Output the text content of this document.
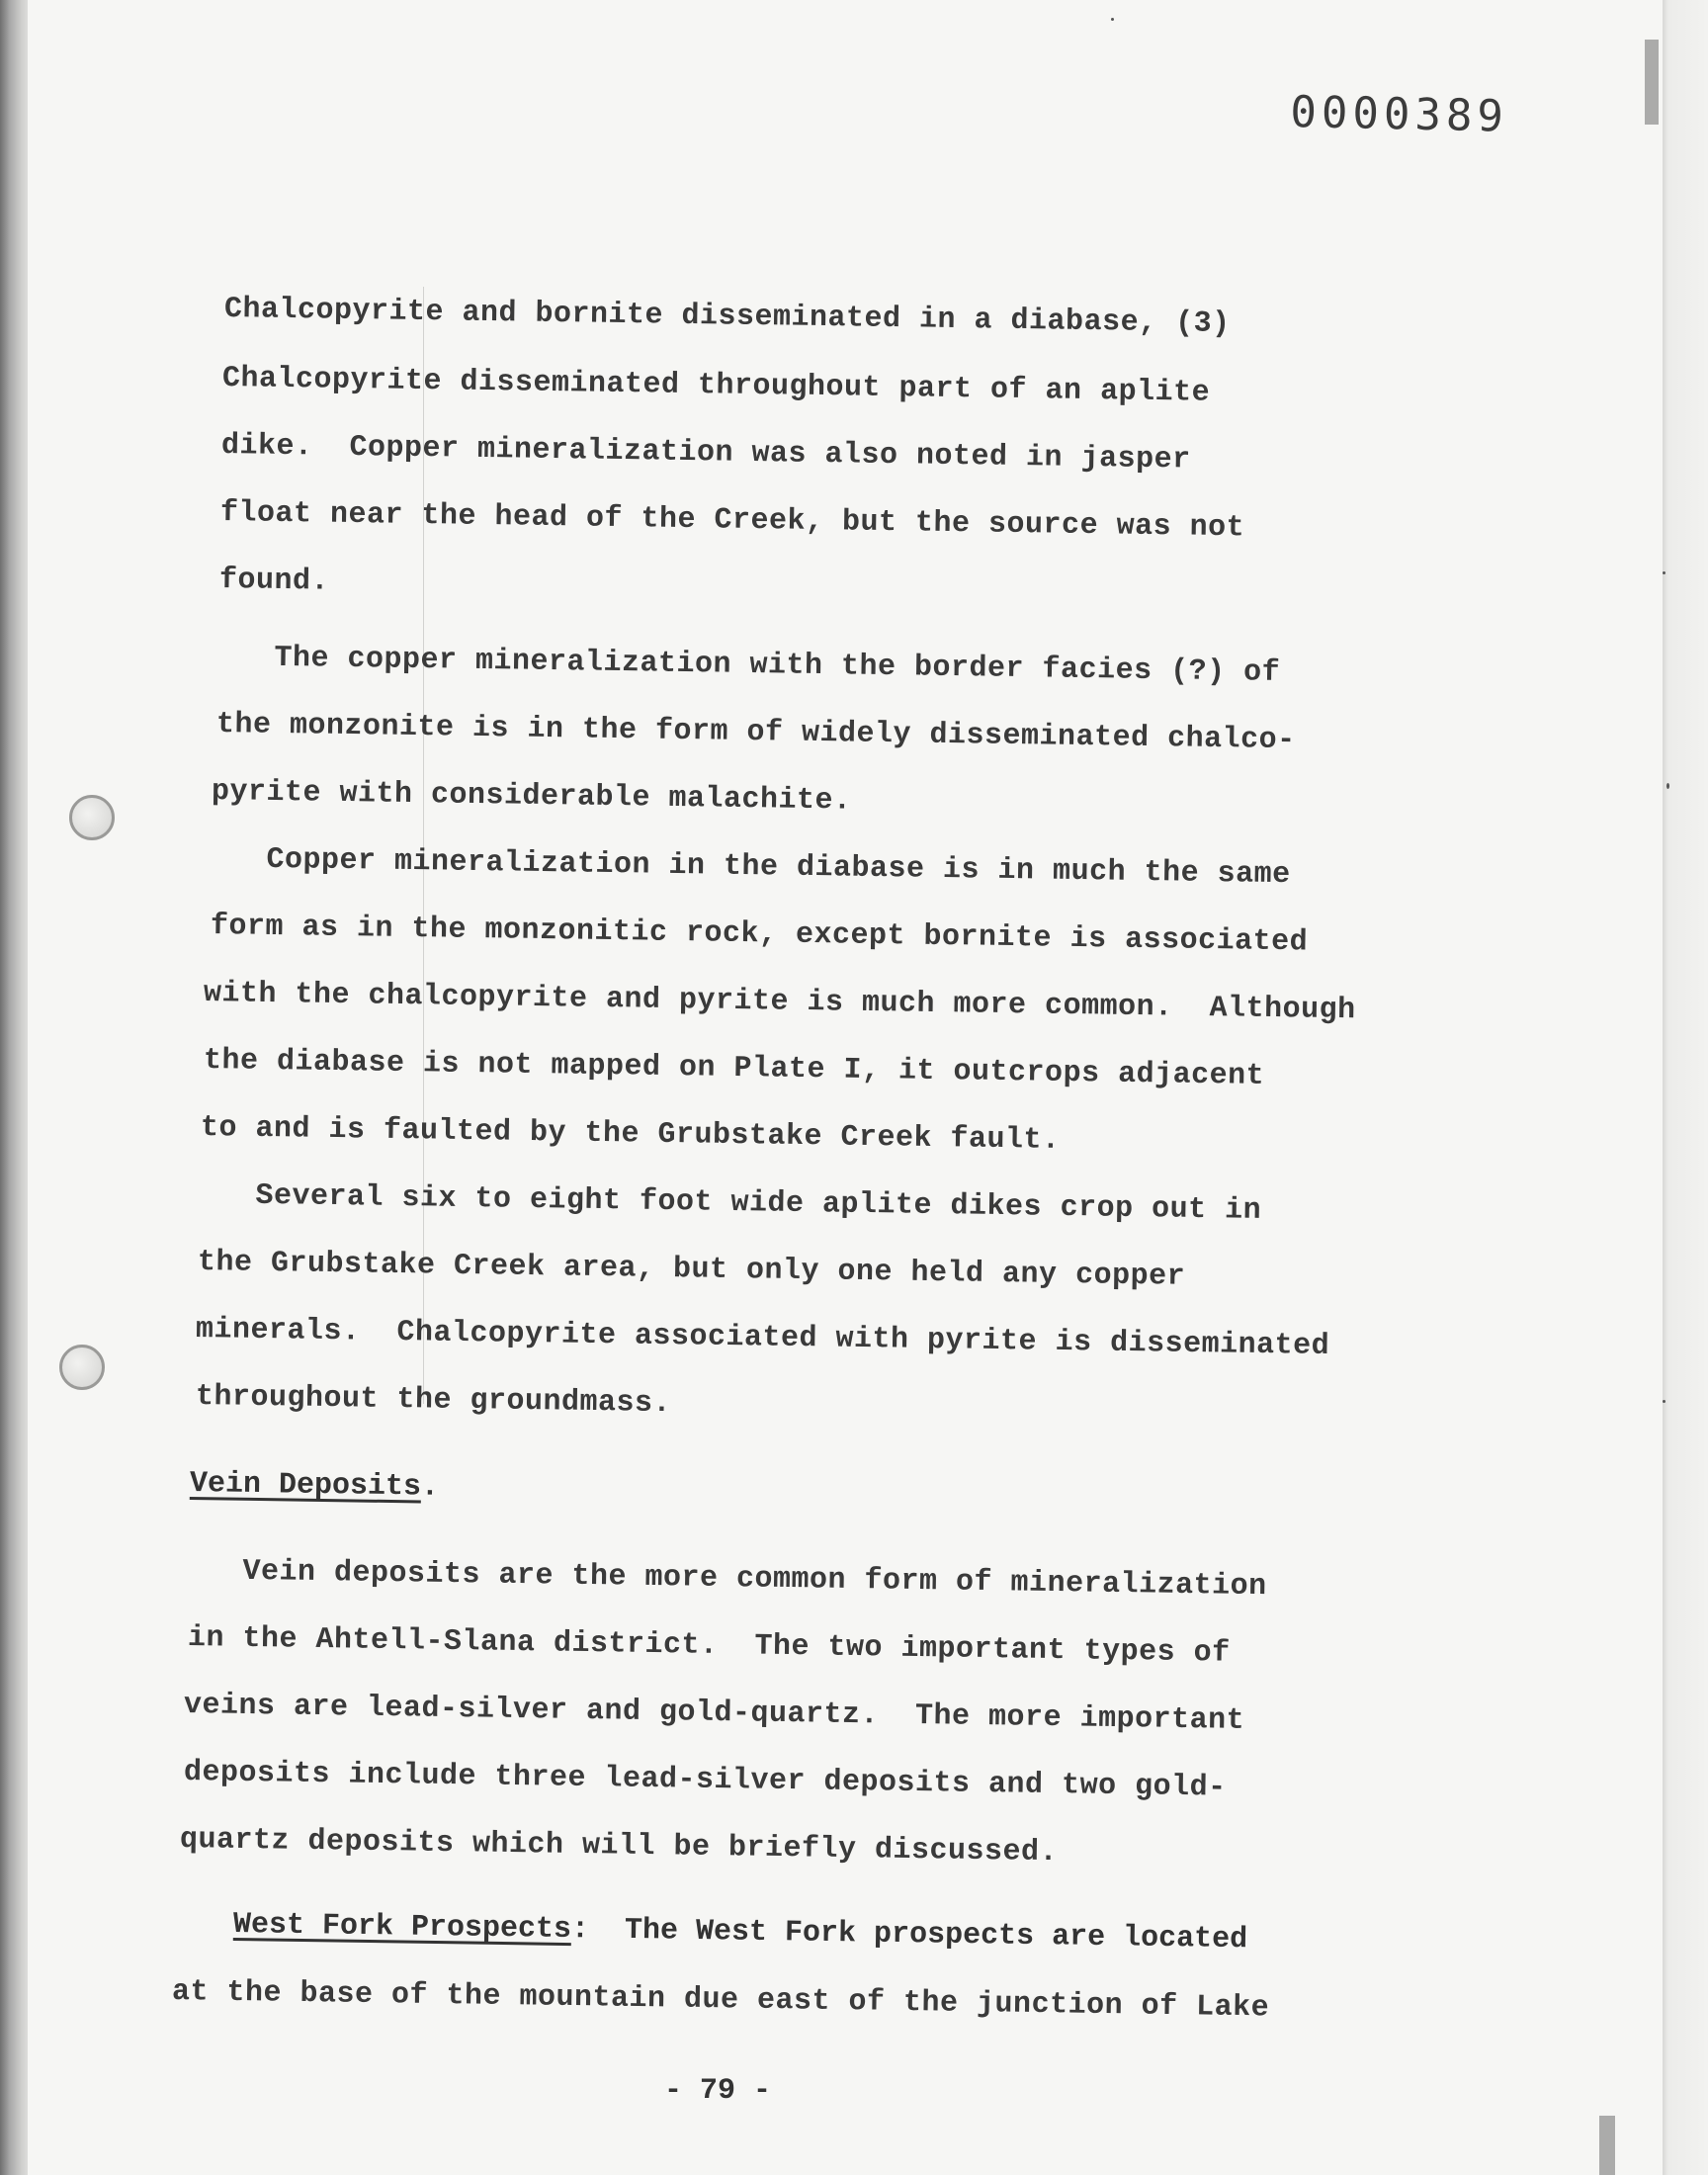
0000389
Chalcopyrite and bornite disseminated in a diabase, (3)
Chalcopyrite disseminated throughout part of an aplite
dike.  Copper mineralization was also noted in jasper
float near the head of the Creek, but the source was not
found.
The copper mineralization with the border facies (?) of
the monzonite is in the form of widely disseminated chalco-
pyrite with considerable malachite.
Copper mineralization in the diabase is in much the same
form as in the monzonitic rock, except bornite is associated
with the chalcopyrite and pyrite is much more common.  Although
the diabase is not mapped on Plate I, it outcrops adjacent
to and is faulted by the Grubstake Creek fault.
Several six to eight foot wide aplite dikes crop out in
the Grubstake Creek area, but only one held any copper
minerals.  Chalcopyrite associated with pyrite is disseminated
throughout the groundmass.
Vein Deposits.
Vein deposits are the more common form of mineralization
in the Ahtell-Slana district.  The two important types of
veins are lead-silver and gold-quartz.  The more important
deposits include three lead-silver deposits and two gold-
quartz deposits which will be briefly discussed.
West Fork Prospects:  The West Fork prospects are located
at the base of the mountain due east of the junction of Lake
- 79 -
